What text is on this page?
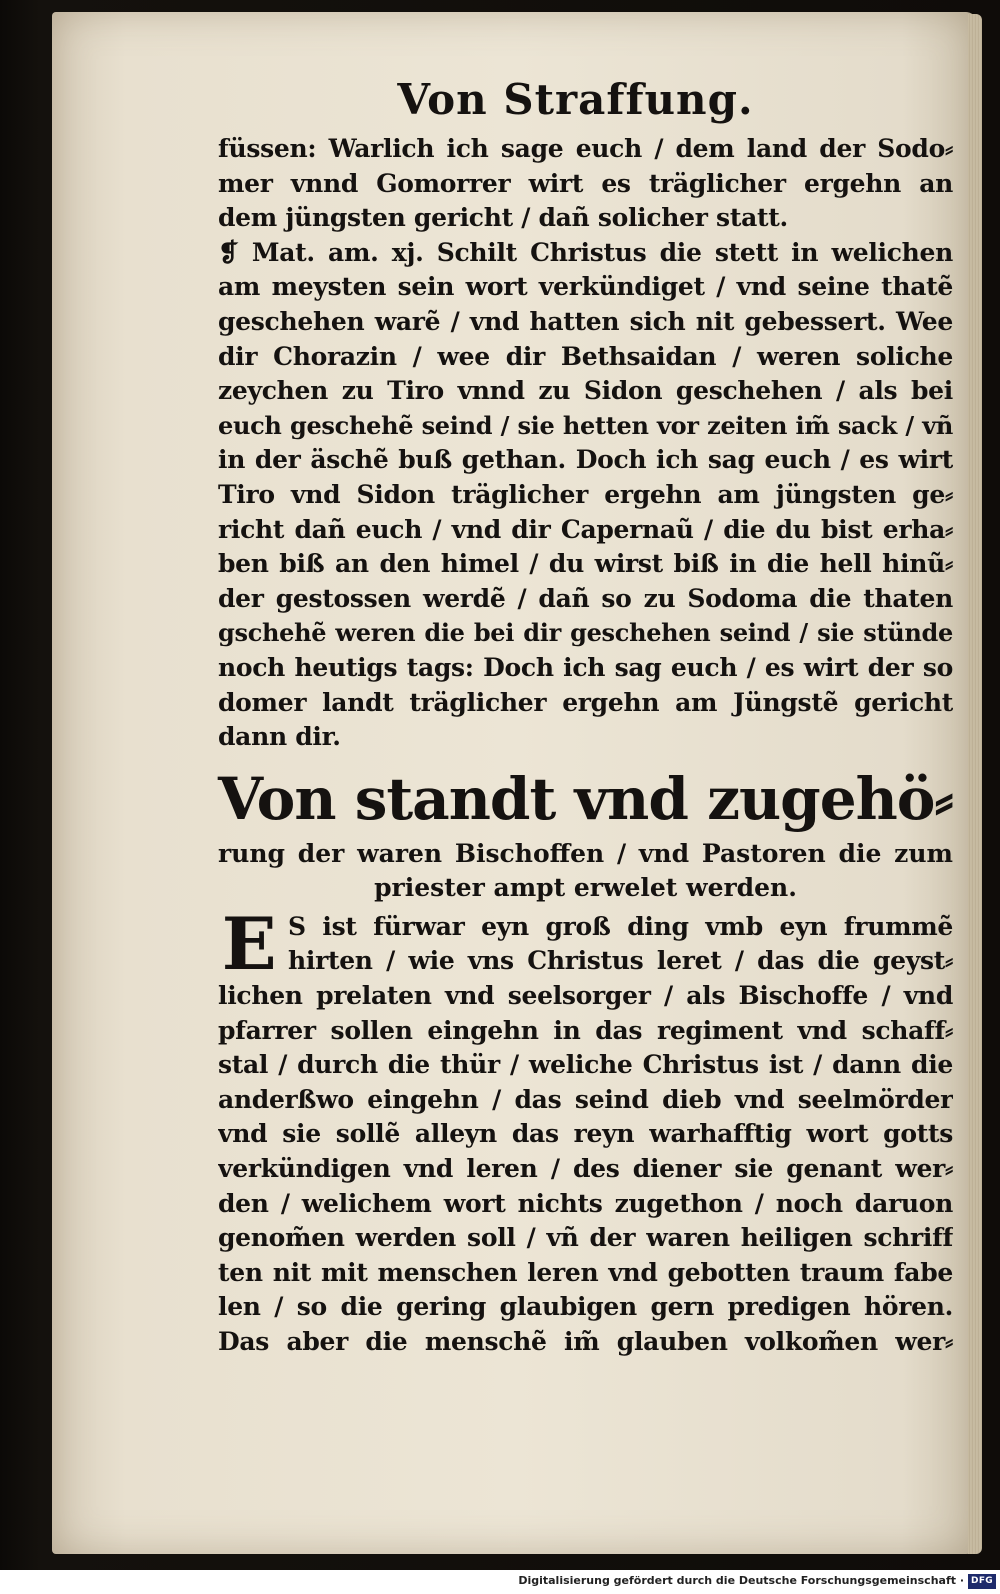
Von Straffung.
füssen: Warlich ich sage euch / dem land der Sodo⸗
mer vnnd Gomorrer wirt es träglicher ergehn an
dem jüngsten gericht / dañ solicher statt.
❡ Mat. am. xj. Schilt Christus die stett in welichen
am meysten sein wort verkündiget / vnd seine thatẽ
geschehen warẽ / vnd hatten sich nit gebessert. Wee
dir Chorazin / wee dir Bethsaidan / weren soliche
zeychen zu Tiro vnnd zu Sidon geschehen / als bei
euch geschehẽ seind / sie hetten vor zeiten im̃ sack / vñ
in der äschẽ buß gethan. Doch ich sag euch / es wirt
Tiro vnd Sidon träglicher ergehn am jüngsten ge⸗
richt dañ euch / vnd dir Capernaũ / die du bist erha⸗
ben biß an den himel / du wirst biß in die hell hinũ⸗
der gestossen werdẽ / dañ so zu Sodoma die thaten
gschehẽ weren die bei dir geschehen seind / sie stünde
noch heutigs tags: Doch ich sag euch / es wirt der so
domer landt träglicher ergehn am Jüngstẽ gericht
dann dir.
Von standt vnd zugehö⸗
rung der waren Bischoffen / vnd Pastoren die zum
priester ampt erwelet werden.
E S ist fürwar eyn groß ding vmb eyn frummẽ
hirten / wie vns Christus leret / das die geyst⸗
lichen prelaten vnd seelsorger / als Bischoffe / vnd
pfarrer sollen eingehn in das regiment vnd schaff⸗
stal / durch die thür / weliche Christus ist / dann die
anderßwo eingehn / das seind dieb vnd seelmörder
vnd sie sollẽ alleyn das reyn warhafftig wort gotts
verkündigen vnd leren / des diener sie genant wer⸗
den / welichem wort nichts zugethon / noch daruon
genom̃en werden soll / vñ der waren heiligen schriff
ten nit mit menschen leren vnd gebotten traum fabe
len / so die gering glaubigen gern predigen hören.
Das aber die menschẽ im̃ glauben volkom̃en wer⸗
Digitalisierung gefördert durch die Deutsche Forschungsgemeinschaft · DFG
